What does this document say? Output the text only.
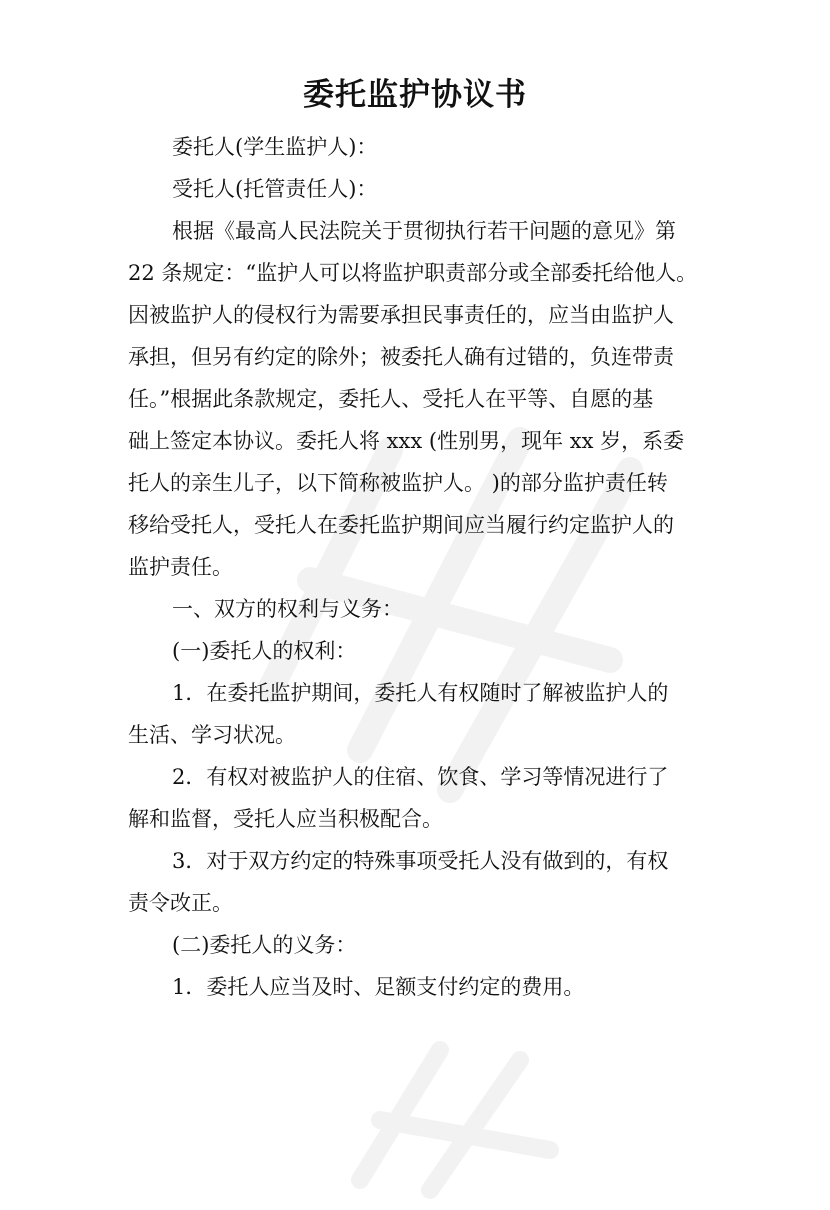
委托监护协议书
委托人(学生监护人)：
受托人(托管责任人)：
根据《最高人民法院关于贯彻执行若干问题的意见》第
22 条规定：“监护人可以将监护职责部分或全部委托给他人。
因被监护人的侵权行为需要承担民事责任的，应当由监护人
承担，但另有约定的除外；被委托人确有过错的，负连带责
任。”根据此条款规定，委托人、受托人在平等、自愿的基
础上签定本协议。委托人将 xxx (性别男，现年 xx 岁，系委
托人的亲生儿子，以下简称被监护人。 )的部分监护责任转
移给受托人，受托人在委托监护期间应当履行约定监护人的
监护责任。
一、双方的权利与义务：
(一)委托人的权利：
1．在委托监护期间，委托人有权随时了解被监护人的
生活、学习状况。
2．有权对被监护人的住宿、饮食、学习等情况进行了
解和监督，受托人应当积极配合。
3．对于双方约定的特殊事项受托人没有做到的，有权
责令改正。
(二)委托人的义务：
1．委托人应当及时、足额支付约定的费用。
